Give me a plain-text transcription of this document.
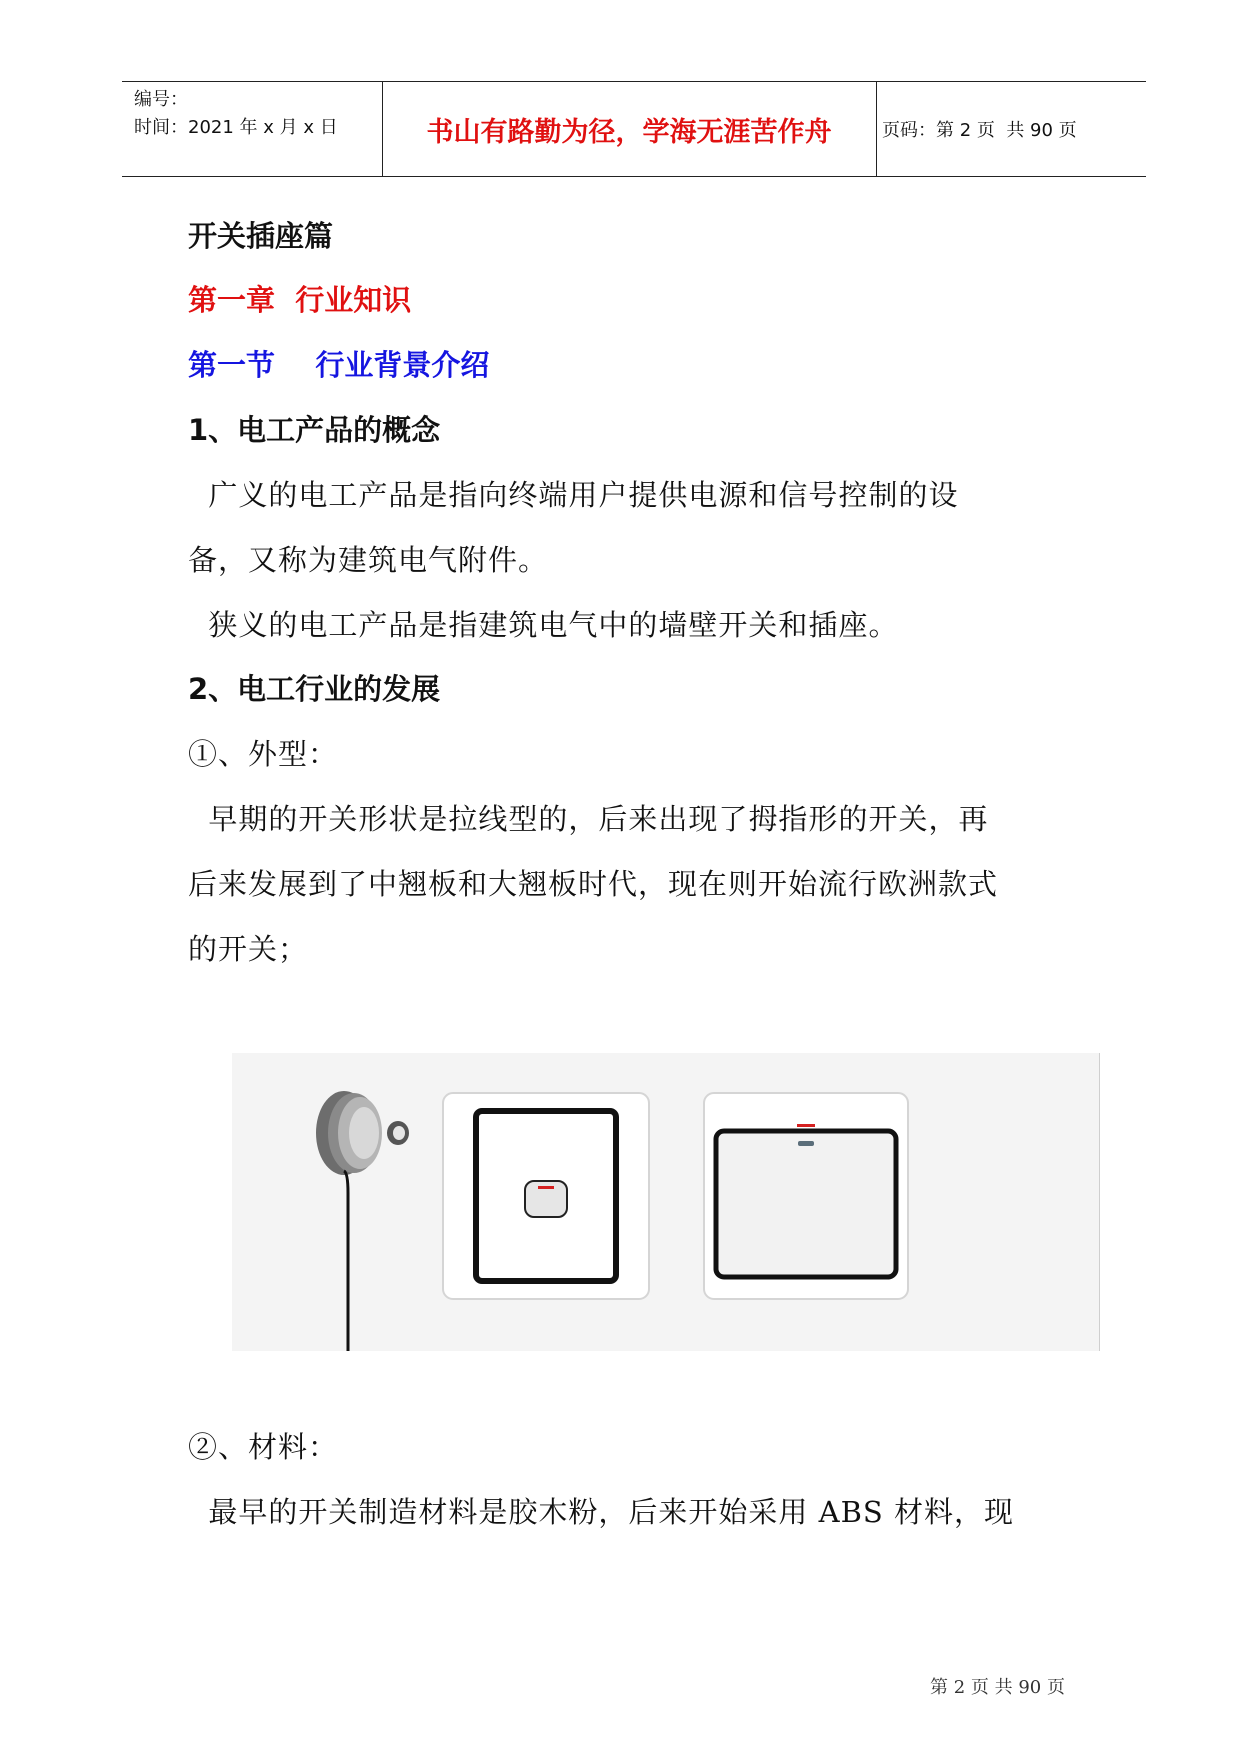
编号：
时间：2021 年 x 月 x 日	书山有路勤为径，学海无涯苦作舟	页码：第 2 页  共 90 页
开关插座篇
第一章  行业知识
第一节    行业背景介绍
1、电工产品的概念
广义的电工产品是指向终端用户提供电源和信号控制的设
备，又称为建筑电气附件。
狭义的电工产品是指建筑电气中的墙壁开关和插座。
2、电工行业的发展
①、外型：
早期的开关形状是拉线型的，后来出现了拇指形的开关，再
后来发展到了中翘板和大翘板时代，现在则开始流行欧洲款式
的开关；
②、材料：
最早的开关制造材料是胶木粉，后来开始采用 ABS 材料，现
第 2 页 共 90 页
